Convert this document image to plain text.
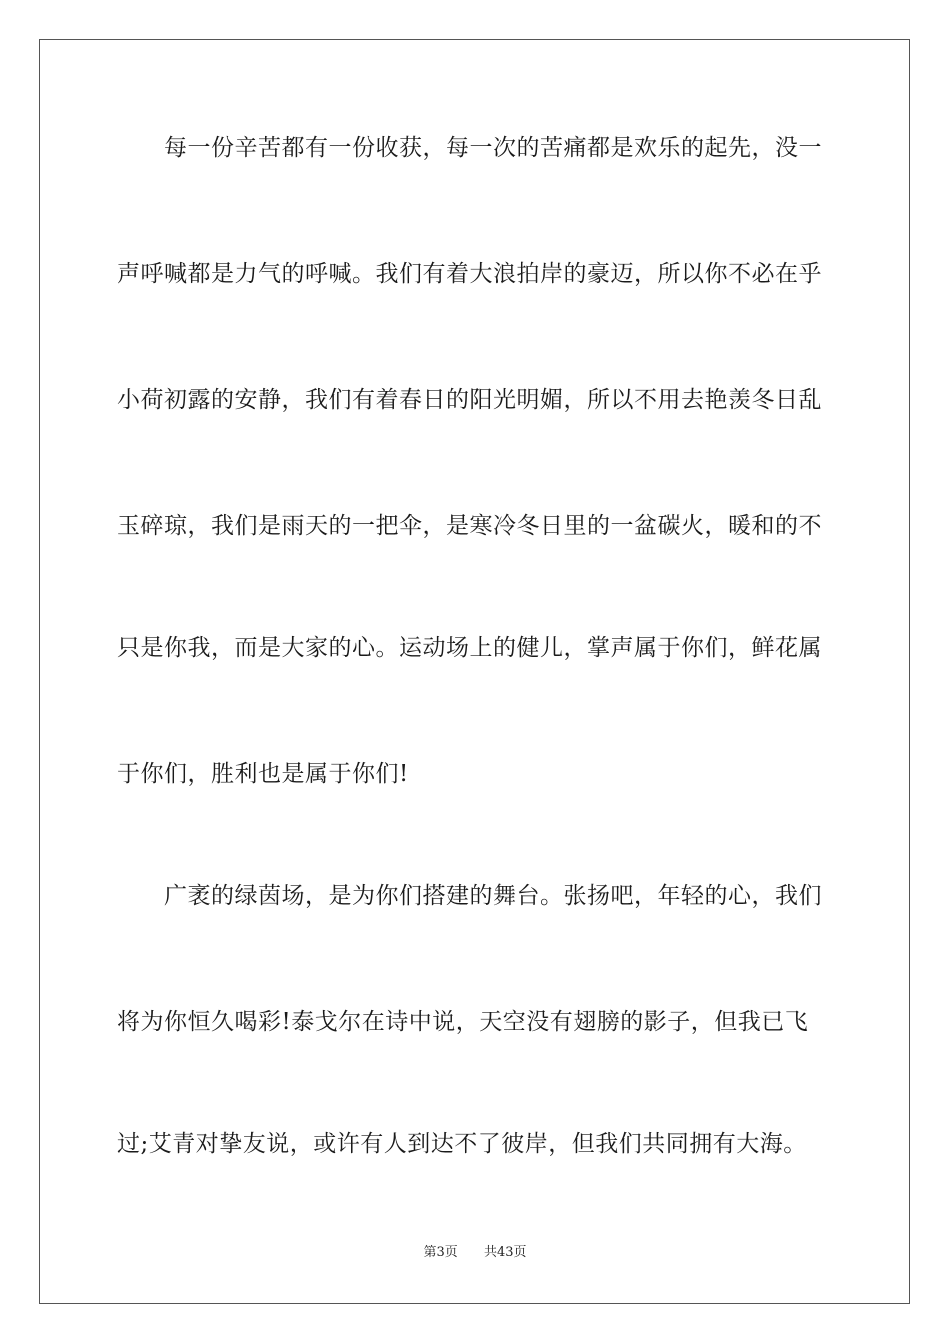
每一份辛苦都有一份收获，每一次的苦痛都是欢乐的起先，没一
声呼喊都是力气的呼喊。我们有着大浪拍岸的豪迈，所以你不必在乎
小荷初露的安静，我们有着春日的阳光明媚，所以不用去艳羡冬日乱
玉碎琼，我们是雨天的一把伞，是寒冷冬日里的一盆碳火，暖和的不
只是你我，而是大家的心。运动场上的健儿，掌声属于你们，鲜花属
于你们，胜利也是属于你们!
广袤的绿茵场，是为你们搭建的舞台。张扬吧，年轻的心，我们
将为你恒久喝彩!泰戈尔在诗中说，天空没有翅膀的影子，但我已飞
过;艾青对挚友说，或许有人到达不了彼岸，但我们共同拥有大海。
第3页 共43页
